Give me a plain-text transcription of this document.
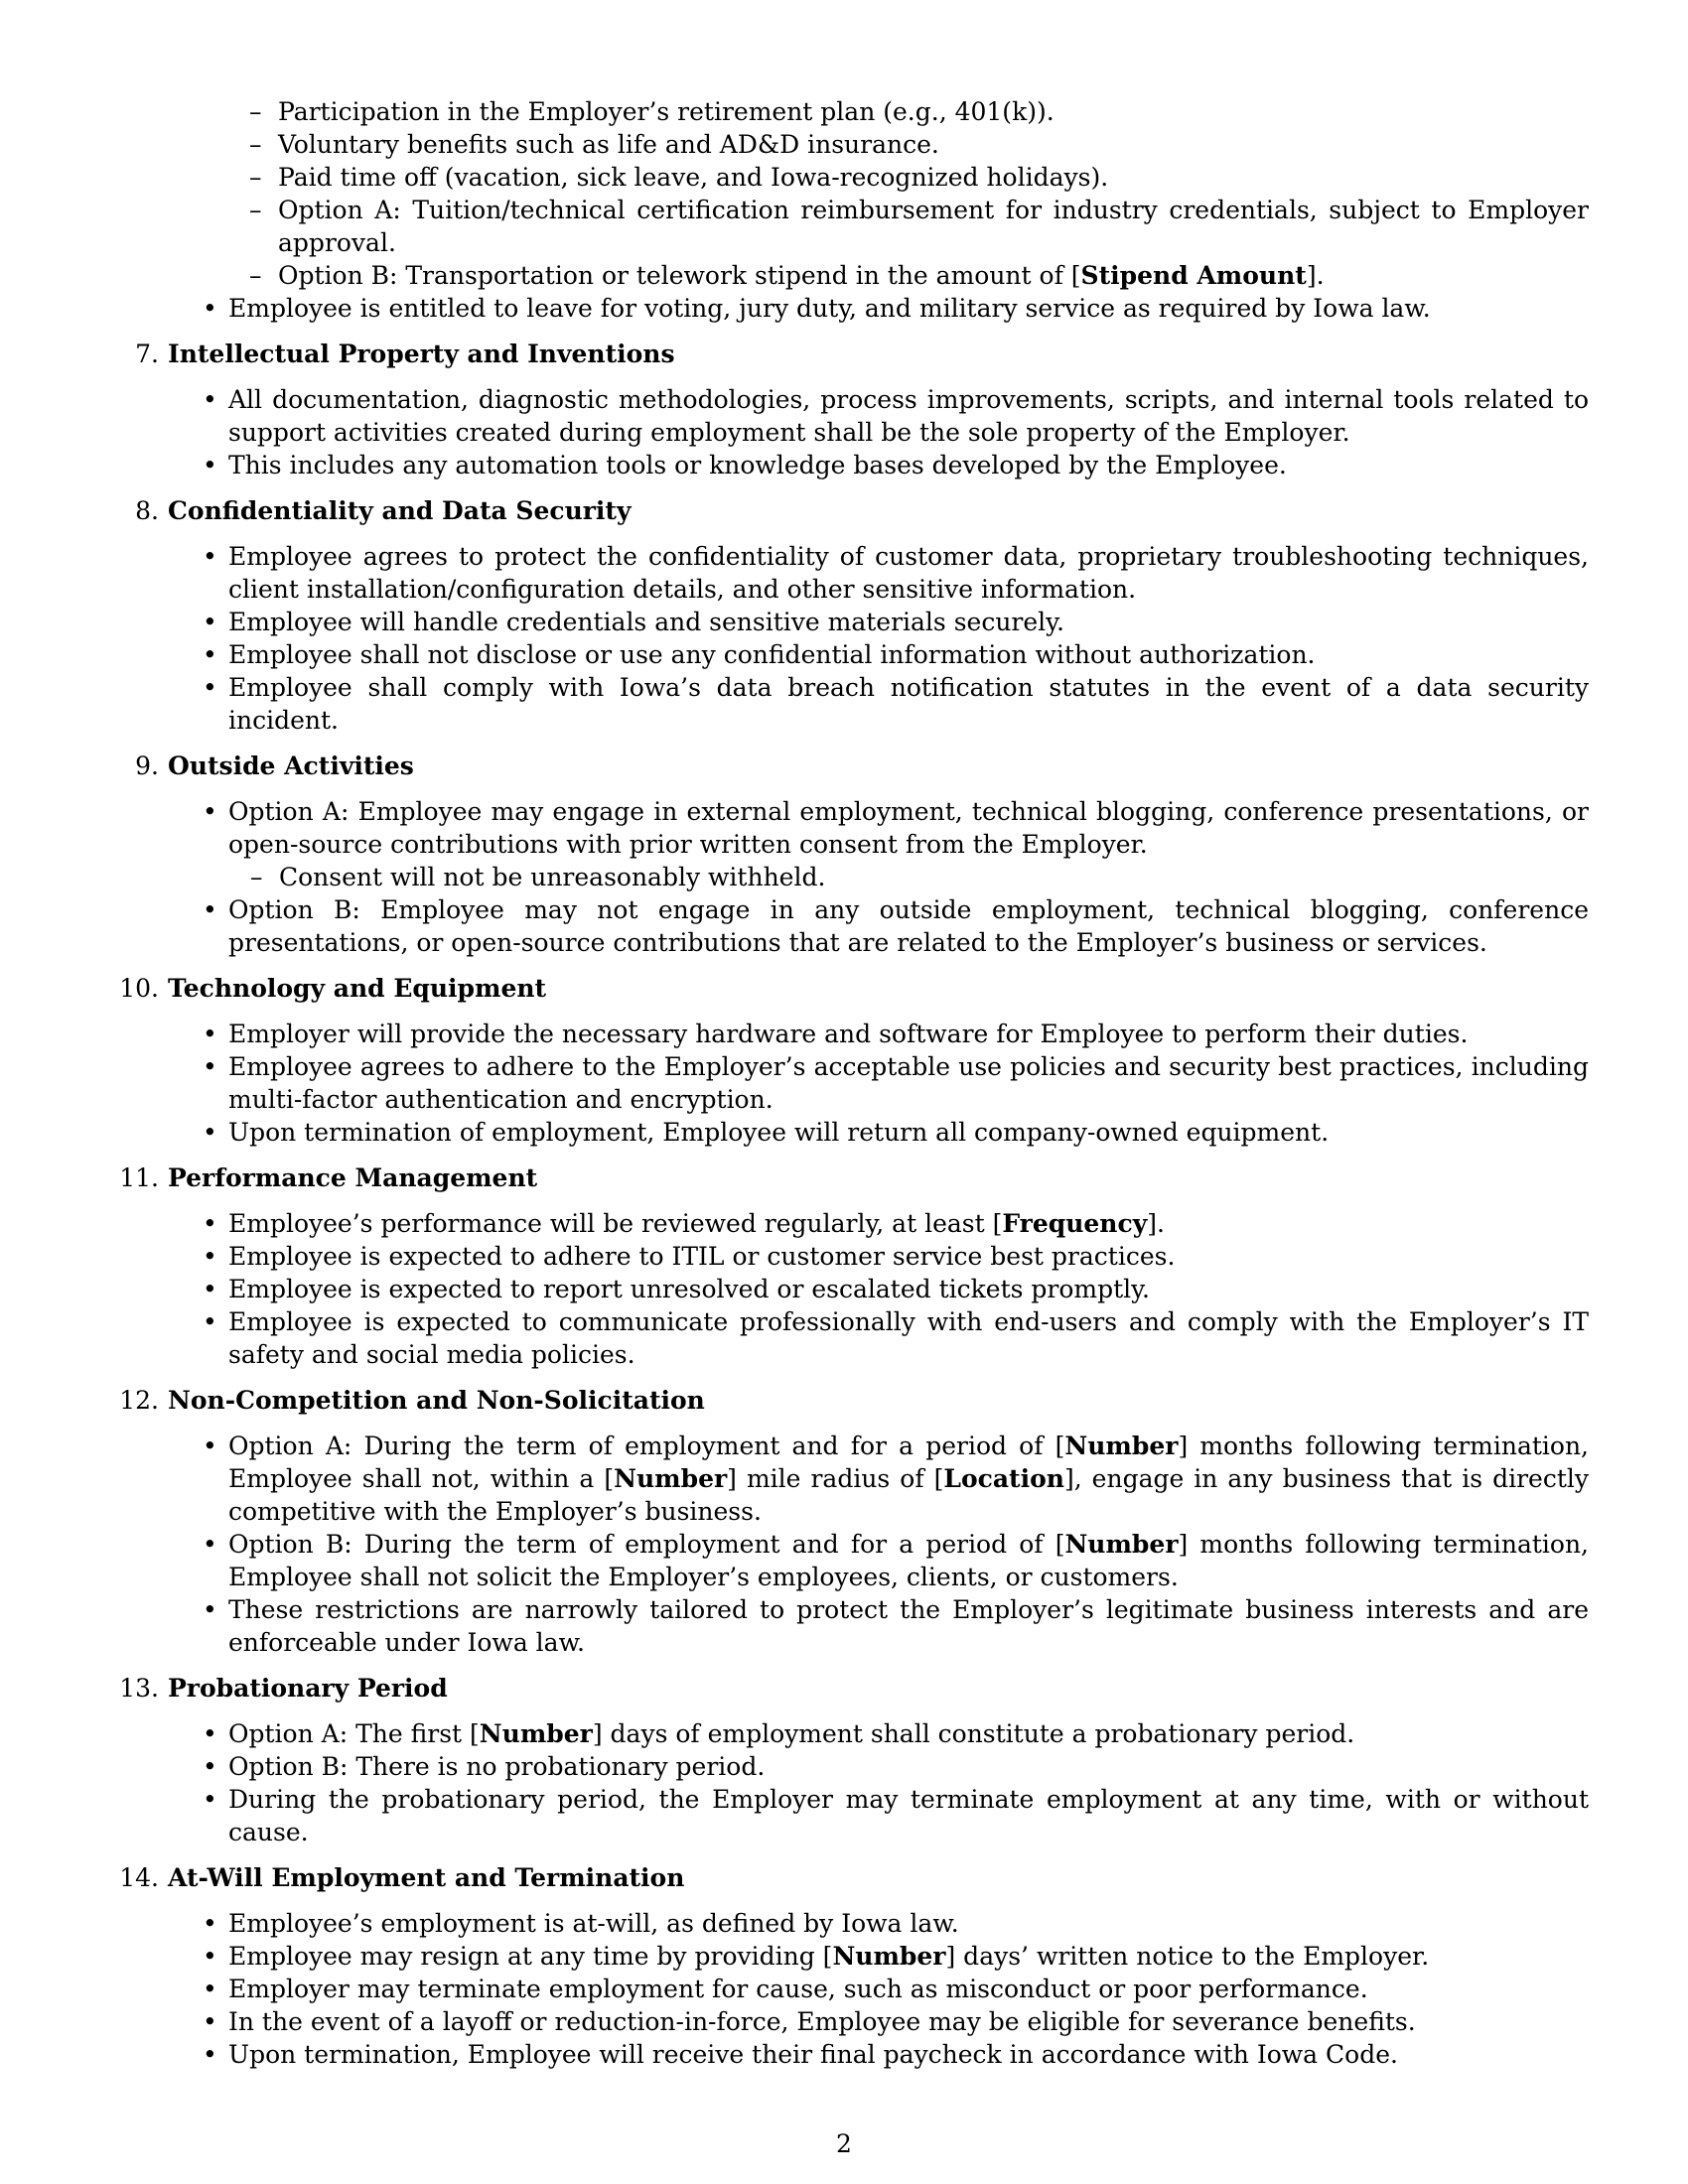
– Participation in the Employer’s retirement plan (e.g., 401(k)).
– Voluntary benefits such as life and AD&D insurance.
– Paid time off (vacation, sick leave, and Iowa-recognized holidays).
– Option A: Tuition/technical certification reimbursement for industry credentials, subject to Employer approval.
– Option B: Transportation or telework stipend in the amount of [Stipend Amount].
• Employee is entitled to leave for voting, jury duty, and military service as required by Iowa law.
7. Intellectual Property and Inventions
• All documentation, diagnostic methodologies, process improvements, scripts, and internal tools related to support activities created during employment shall be the sole property of the Employer.
• This includes any automation tools or knowledge bases developed by the Employee.
8. Confidentiality and Data Security
• Employee agrees to protect the confidentiality of customer data, proprietary troubleshooting techniques, client installation/configuration details, and other sensitive information.
• Employee will handle credentials and sensitive materials securely.
• Employee shall not disclose or use any confidential information without authorization.
• Employee shall comply with Iowa’s data breach notification statutes in the event of a data security incident.
9. Outside Activities
• Option A: Employee may engage in external employment, technical blogging, conference presentations, or open-source contributions with prior written consent from the Employer.
– Consent will not be unreasonably withheld.
• Option B: Employee may not engage in any outside employment, technical blogging, conference presentations, or open-source contributions that are related to the Employer’s business or services.
10. Technology and Equipment
• Employer will provide the necessary hardware and software for Employee to perform their duties.
• Employee agrees to adhere to the Employer’s acceptable use policies and security best practices, including multi-factor authentication and encryption.
• Upon termination of employment, Employee will return all company-owned equipment.
11. Performance Management
• Employee’s performance will be reviewed regularly, at least [Frequency].
• Employee is expected to adhere to ITIL or customer service best practices.
• Employee is expected to report unresolved or escalated tickets promptly.
• Employee is expected to communicate professionally with end-users and comply with the Employer’s IT safety and social media policies.
12. Non-Competition and Non-Solicitation
• Option A: During the term of employment and for a period of [Number] months following termination, Employee shall not, within a [Number] mile radius of [Location], engage in any business that is directly competitive with the Employer’s business.
• Option B: During the term of employment and for a period of [Number] months following termination, Employee shall not solicit the Employer’s employees, clients, or customers.
• These restrictions are narrowly tailored to protect the Employer’s legitimate business interests and are enforceable under Iowa law.
13. Probationary Period
• Option A: The first [Number] days of employment shall constitute a probationary period.
• Option B: There is no probationary period.
• During the probationary period, the Employer may terminate employment at any time, with or without cause.
14. At-Will Employment and Termination
• Employee’s employment is at-will, as defined by Iowa law.
• Employee may resign at any time by providing [Number] days’ written notice to the Employer.
• Employer may terminate employment for cause, such as misconduct or poor performance.
• In the event of a layoff or reduction-in-force, Employee may be eligible for severance benefits.
• Upon termination, Employee will receive their final paycheck in accordance with Iowa Code.
2
